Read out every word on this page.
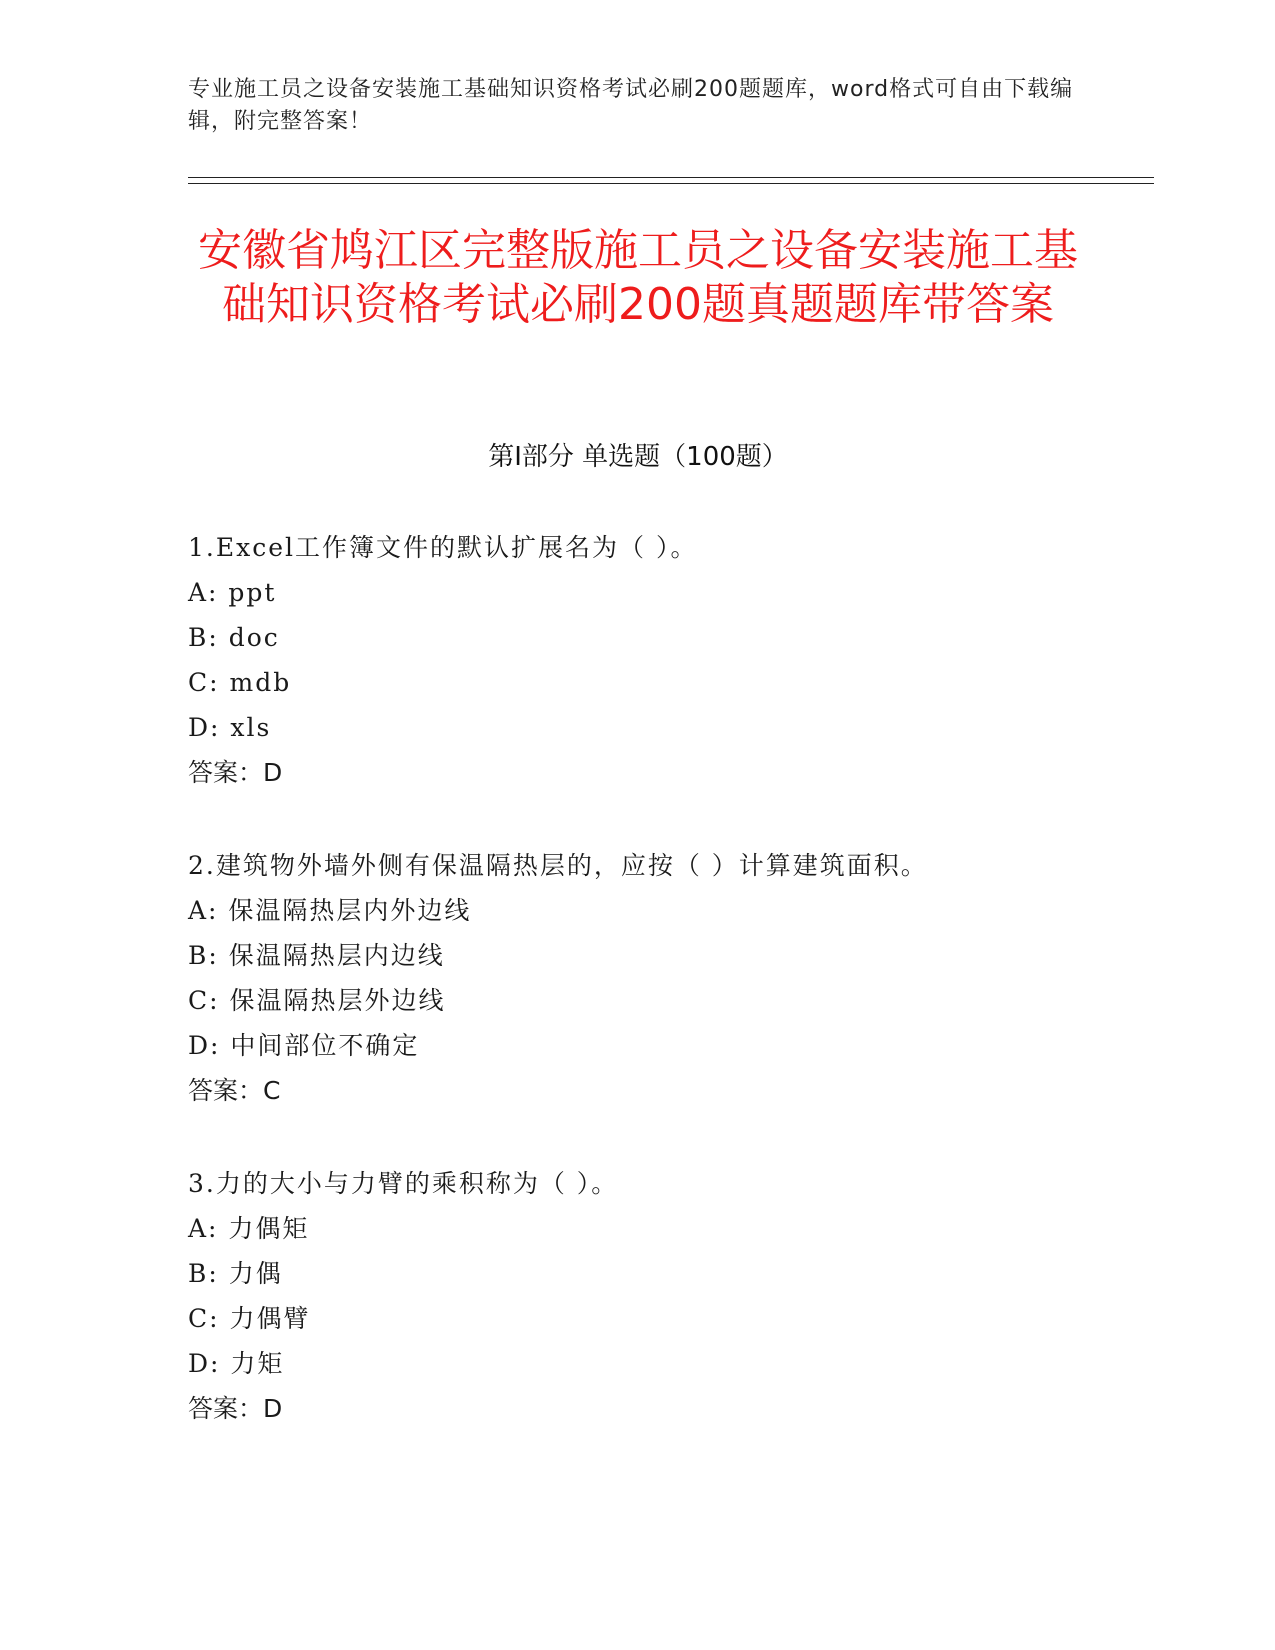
专业施工员之设备安装施工基础知识资格考试必刷200题题库，word格式可自由下载编辑，附完整答案！
安徽省鸠江区完整版施工员之设备安装施工基础知识资格考试必刷200题真题题库带答案
第Ⅰ部分 单选题（100题）
1.Excel工作簿文件的默认扩展名为（ ）。
A: ppt
B: doc
C: mdb
D: xls
答案：D
2.建筑物外墙外侧有保温隔热层的，应按（ ）计算建筑面积。
A: 保温隔热层内外边线
B: 保温隔热层内边线
C: 保温隔热层外边线
D: 中间部位不确定
答案：C
3.力的大小与力臂的乘积称为（ ）。
A: 力偶矩
B: 力偶
C: 力偶臂
D: 力矩
答案：D
